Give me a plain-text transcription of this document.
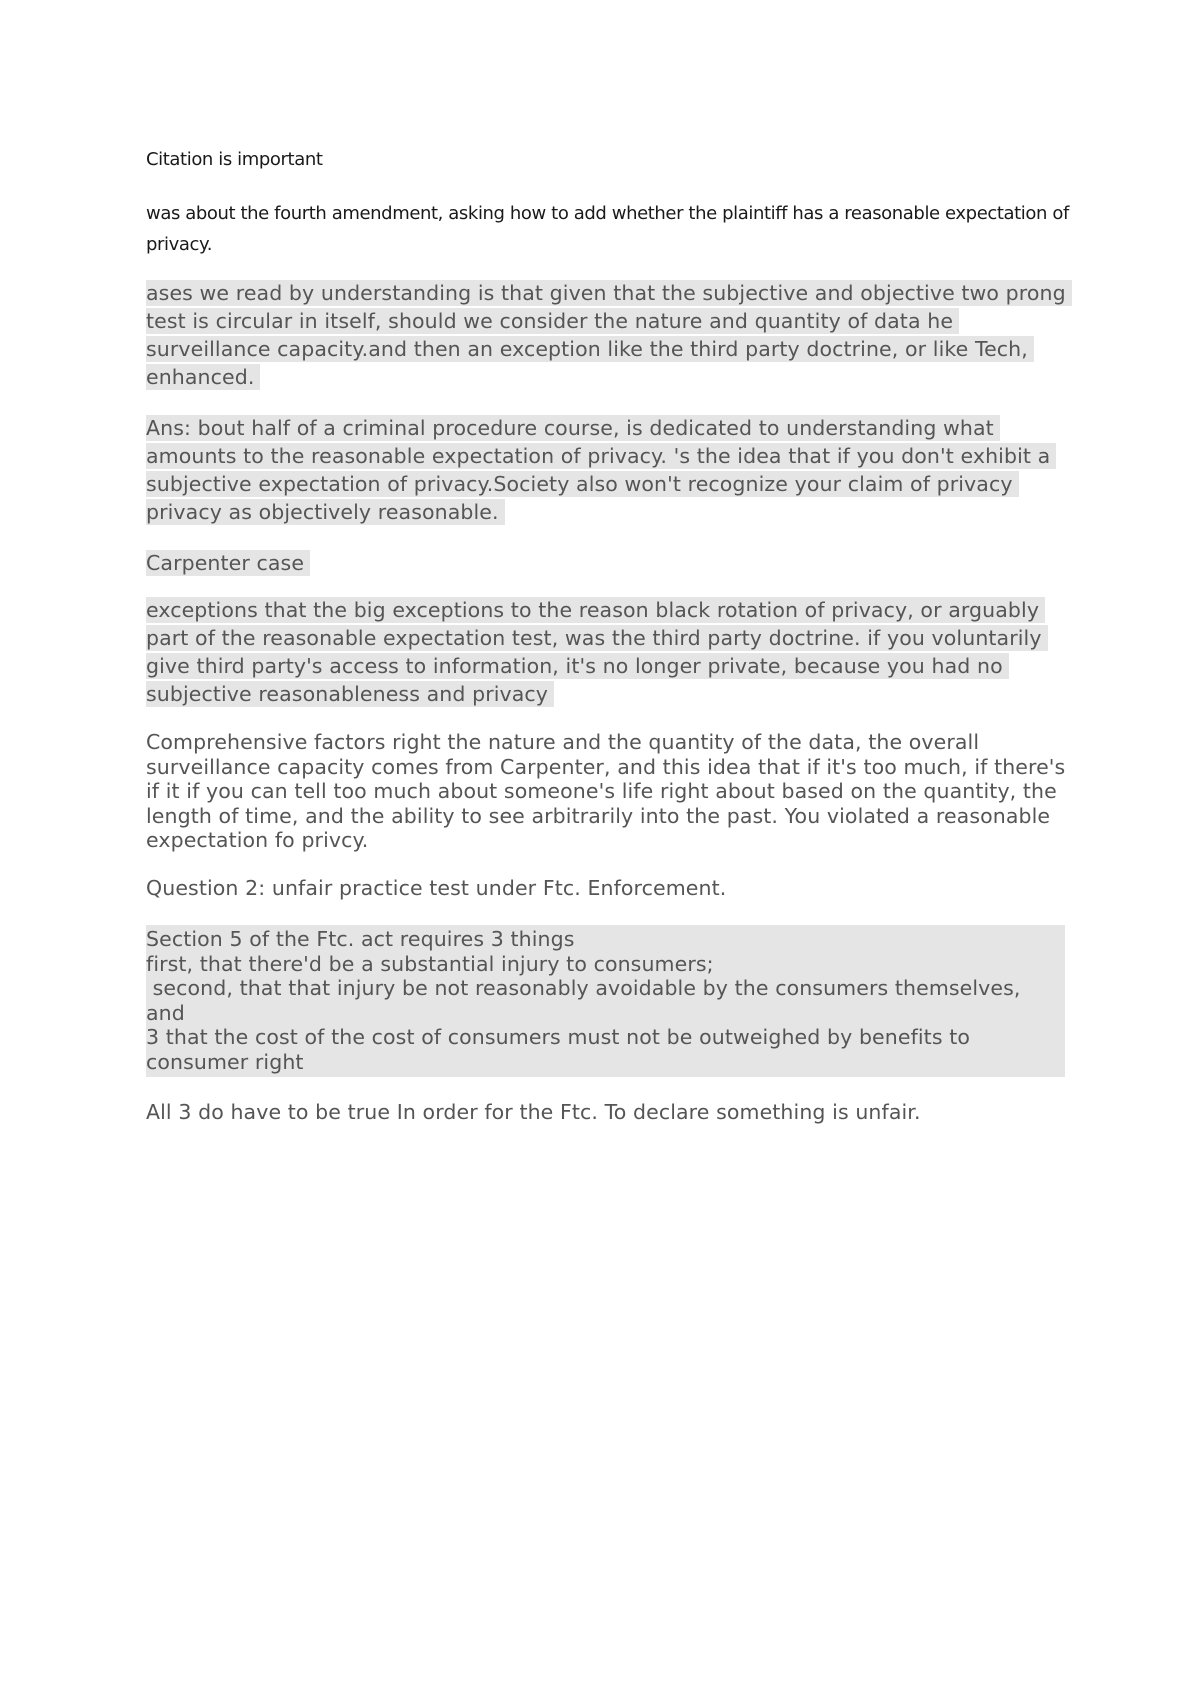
Citation is important
was about the fourth amendment, asking how to add whether the plaintiff has a reasonable expectation of privacy.
ases we read by understanding is that given that the subjective and objective two prong test is circular in itself, should we consider the nature and quantity of data he surveillance capacity.and then an exception like the third party doctrine, or like Tech, enhanced.
Ans: bout half of a criminal procedure course, is dedicated to understanding what amounts to the reasonable expectation of privacy. 's the idea that if you don't exhibit a subjective expectation of privacy.Society also won't recognize your claim of privacy privacy as objectively reasonable.
Carpenter case
exceptions that the big exceptions to the reason black rotation of privacy, or arguably part of the reasonable expectation test, was the third party doctrine. if you voluntarily give third party's access to information, it's no longer private, because you had no subjective reasonableness and privacy
Comprehensive factors right the nature and the quantity of the data, the overall surveillance capacity comes from Carpenter, and this idea that if it's too much, if there's if it if you can tell too much about someone's life right about based on the quantity, the length of time, and the ability to see arbitrarily into the past. You violated a reasonable expectation fo privcy.
Question 2: unfair practice test under Ftc. Enforcement.
Section 5 of the Ftc. act requires 3 things
first, that there'd be a substantial injury to consumers;
second, that that injury be not reasonably avoidable by the consumers themselves, and
3 that the cost of the cost of consumers must not be outweighed by benefits to consumer right
All 3 do have to be true In order for the Ftc. To declare something is unfair.
